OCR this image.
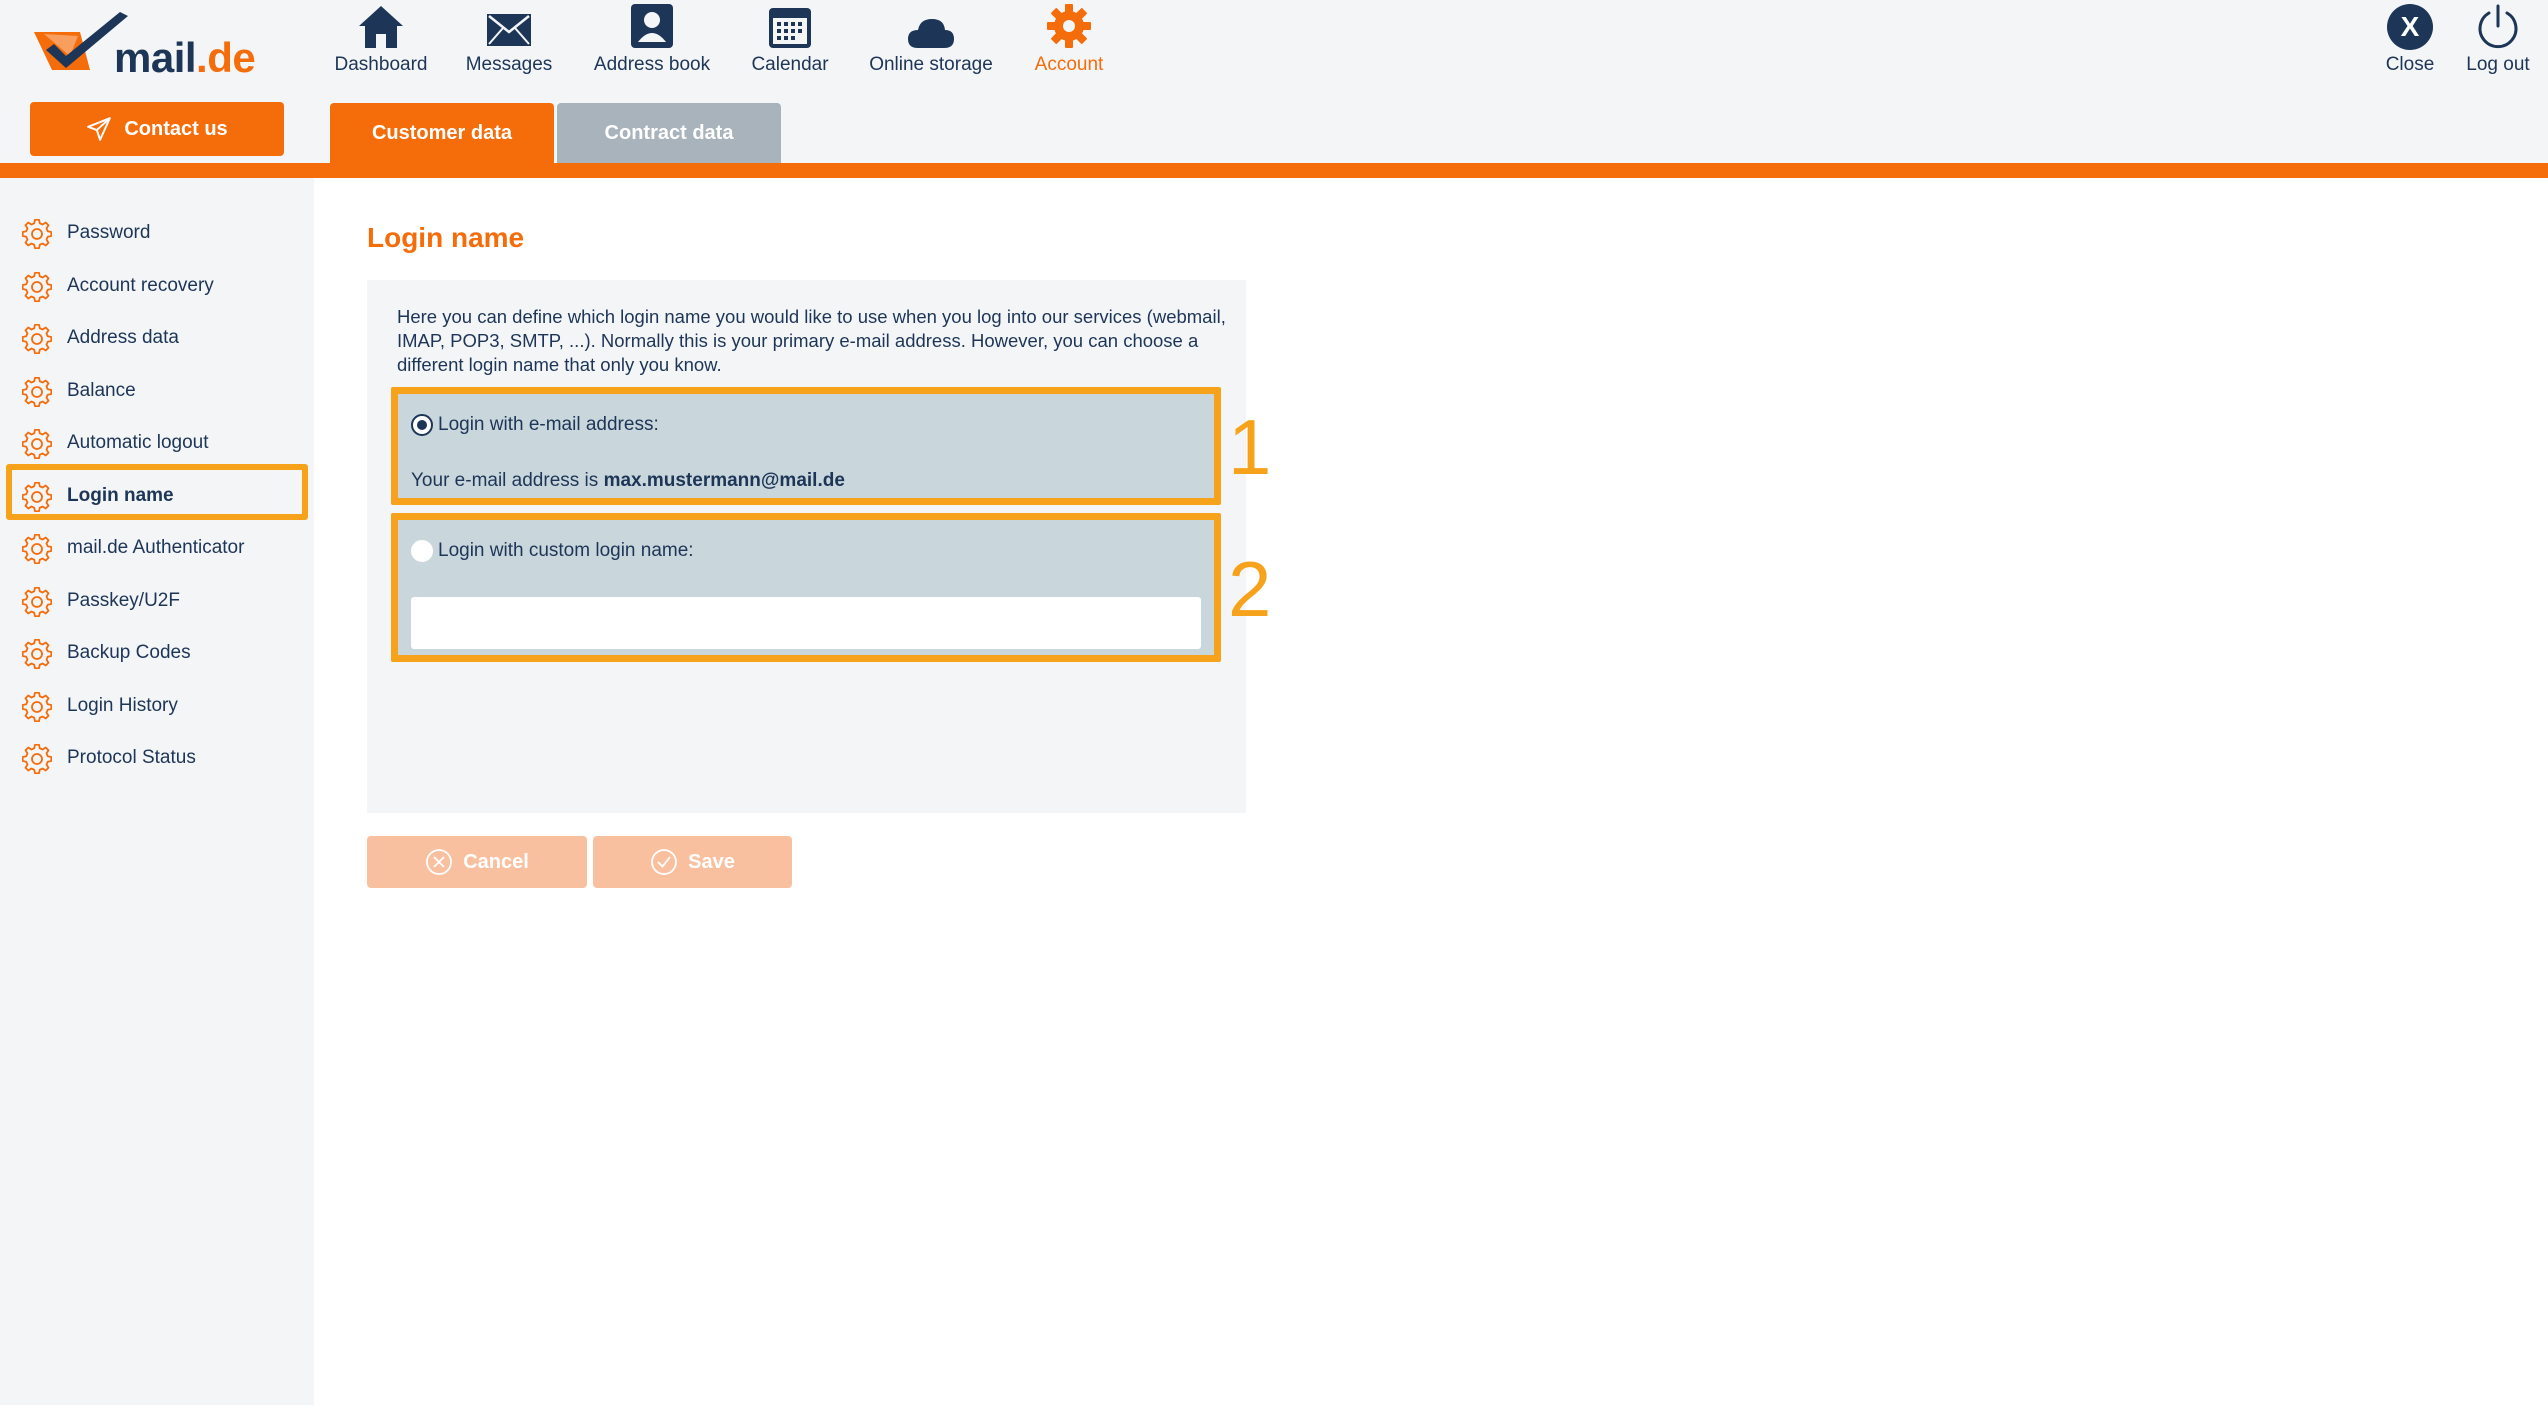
mail.de
Contact us
Dashboard Messages Address book Calendar Online storage Account
X
Close Log out
Customer data	Contract data
Password
Account recovery
Address data
Balance
Automatic logout
Login name
mail.de Authenticator
Passkey/U2F
Backup Codes
Login History
Protocol Status
Login name
Here you can define which login name you would like to use when you log into our services (webmail, IMAP, POP3, SMTP, ...). Normally this is your primary e-mail address. However, you can choose a different login name that only you know.
Login with e-mail address:
Your e-mail address is max.mustermann@mail.de
Login with custom login name:
1
2
Cancel	Save
